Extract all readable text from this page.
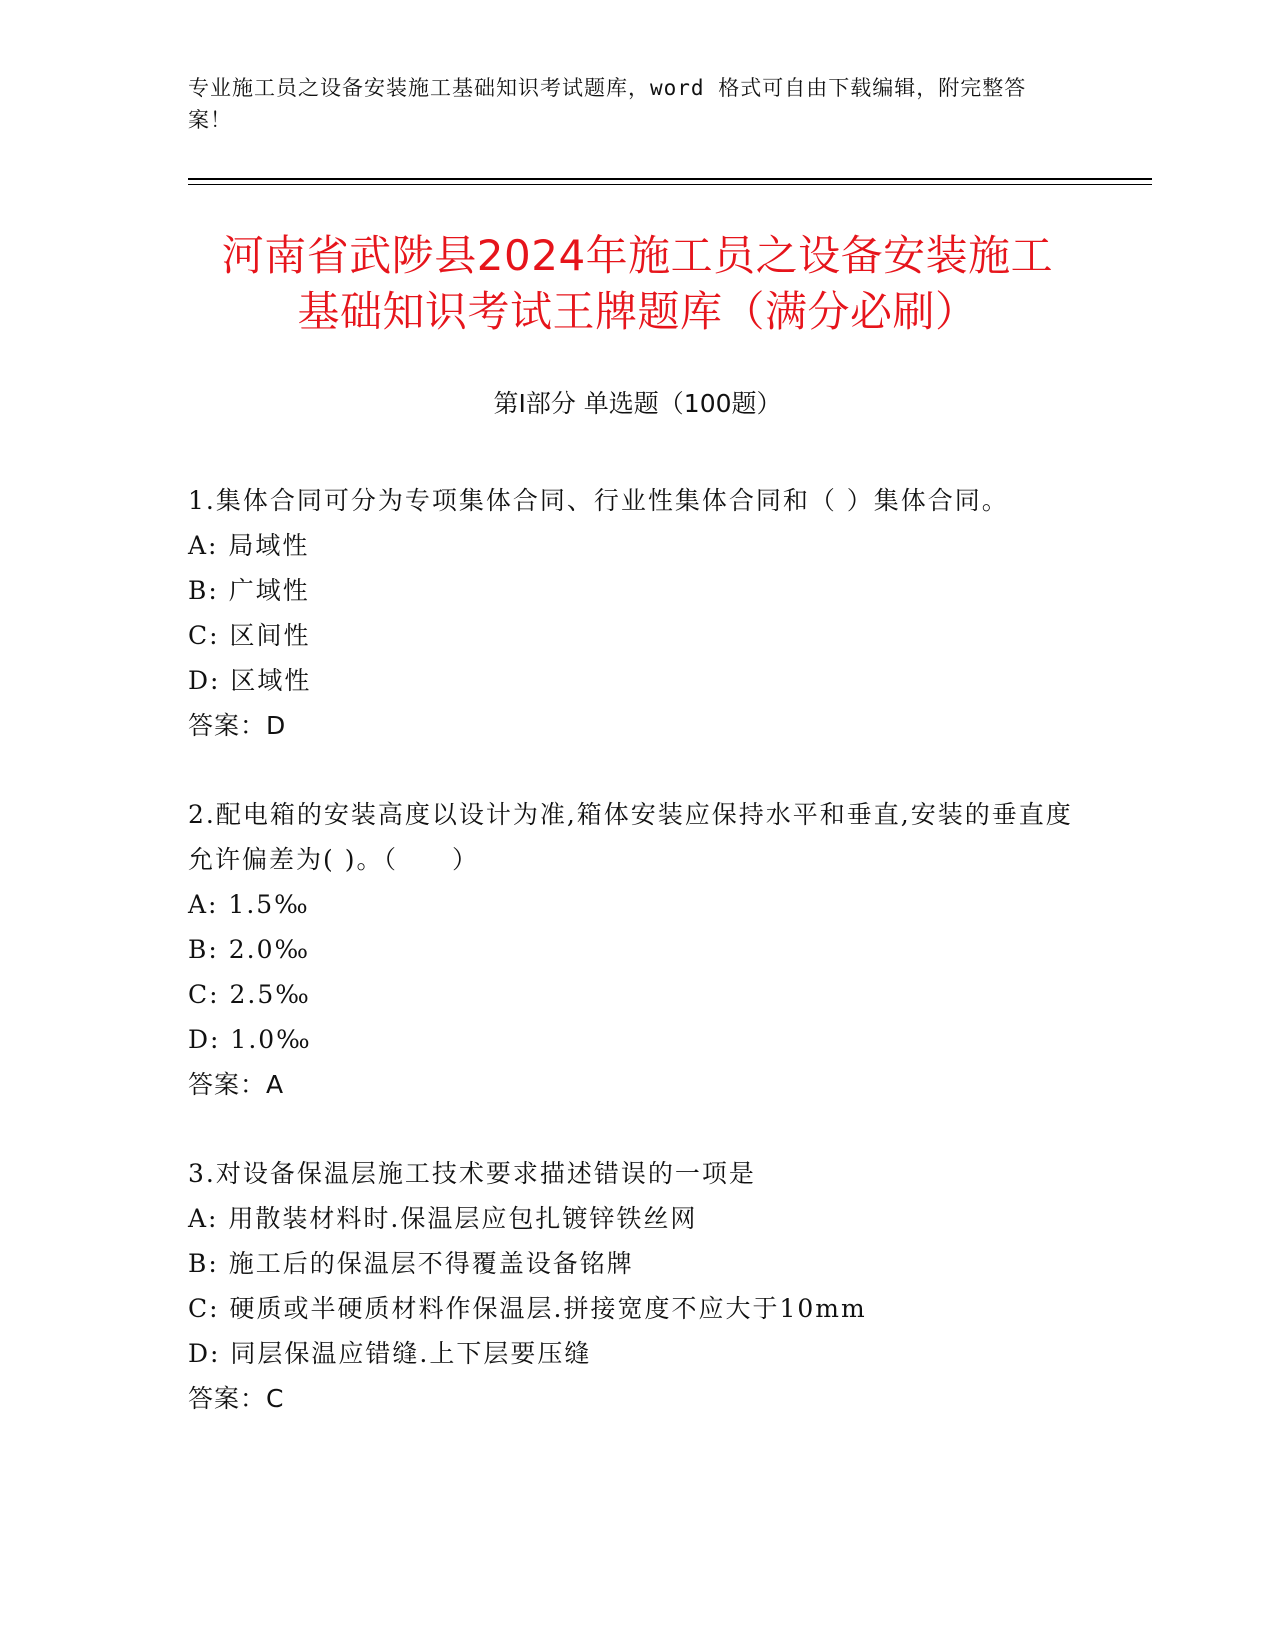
专业施工员之设备安装施工基础知识考试题库，word 格式可自由下载编辑，附完整答案！
河南省武陟县2024年施工员之设备安装施工
基础知识考试王牌题库（满分必刷）
第Ⅰ部分 单选题（100题）
1.集体合同可分为专项集体合同、行业性集体合同和（ ）集体合同。
A: 局域性
B: 广域性
C: 区间性
D: 区域性
答案：D
2.配电箱的安装高度以设计为准,箱体安装应保持水平和垂直,安装的垂直度允许偏差为( )。（　　）
A: 1.5‰
B: 2.0‰
C: 2.5‰
D: 1.0‰
答案：A
3.对设备保温层施工技术要求描述错误的一项是
A: 用散装材料时.保温层应包扎镀锌铁丝网
B: 施工后的保温层不得覆盖设备铭牌
C: 硬质或半硬质材料作保温层.拼接宽度不应大于10mm
D: 同层保温应错缝.上下层要压缝
答案：C
